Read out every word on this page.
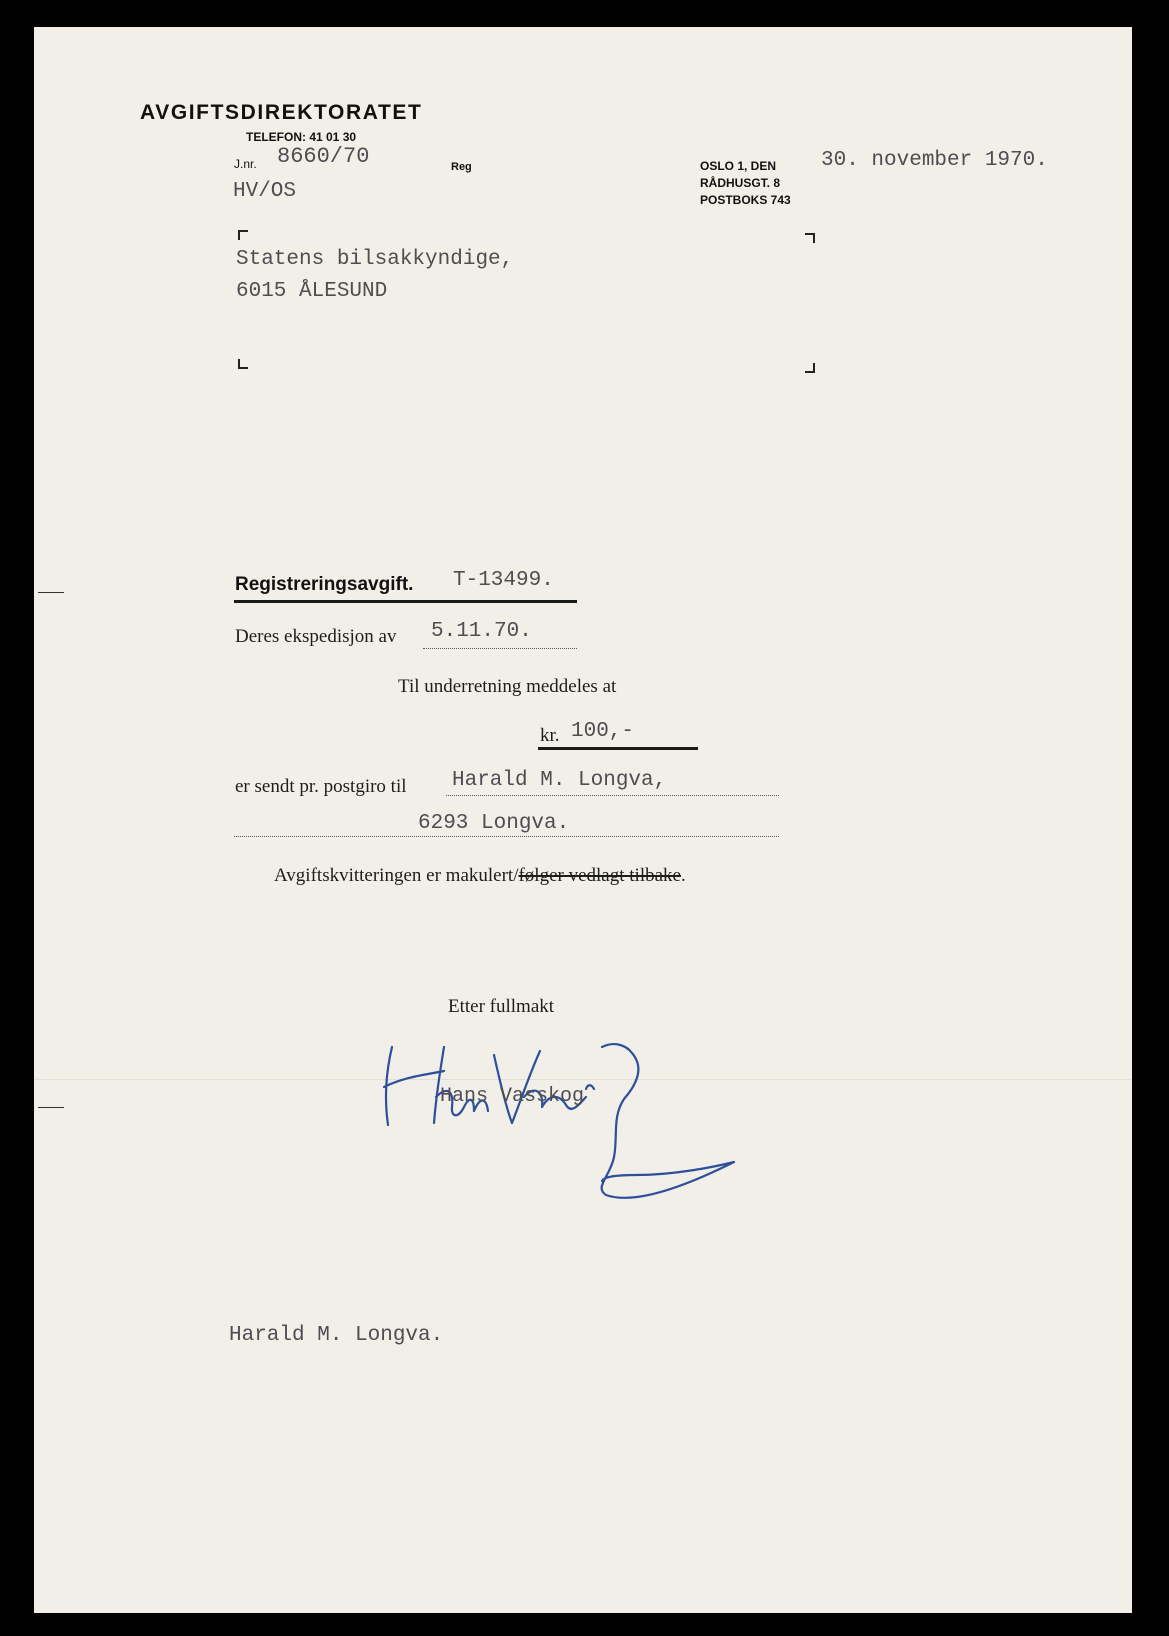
AVGIFTSDIREKTORATET
TELEFON: 41 01 30
J.nr. 8660/70	Reg
HV/OS
OSLO 1, DEN 30. november 1970.
RÅDHUSGT. 8
POSTBOKS 743
Statens bilsakkyndige,
6015 ÅLESUND
Registreringsavgift. T-13499.
Deres ekspedisjon av 5.11.70.
Til underretning meddeles at
kr. 100,-
er sendt pr. postgiro til Harald M. Longva,
6293 Longva.
Avgiftskvitteringen er makulert/følger vedlagt tilbake.
Etter fullmakt
Hans Vasskog
Harald M. Longva.
